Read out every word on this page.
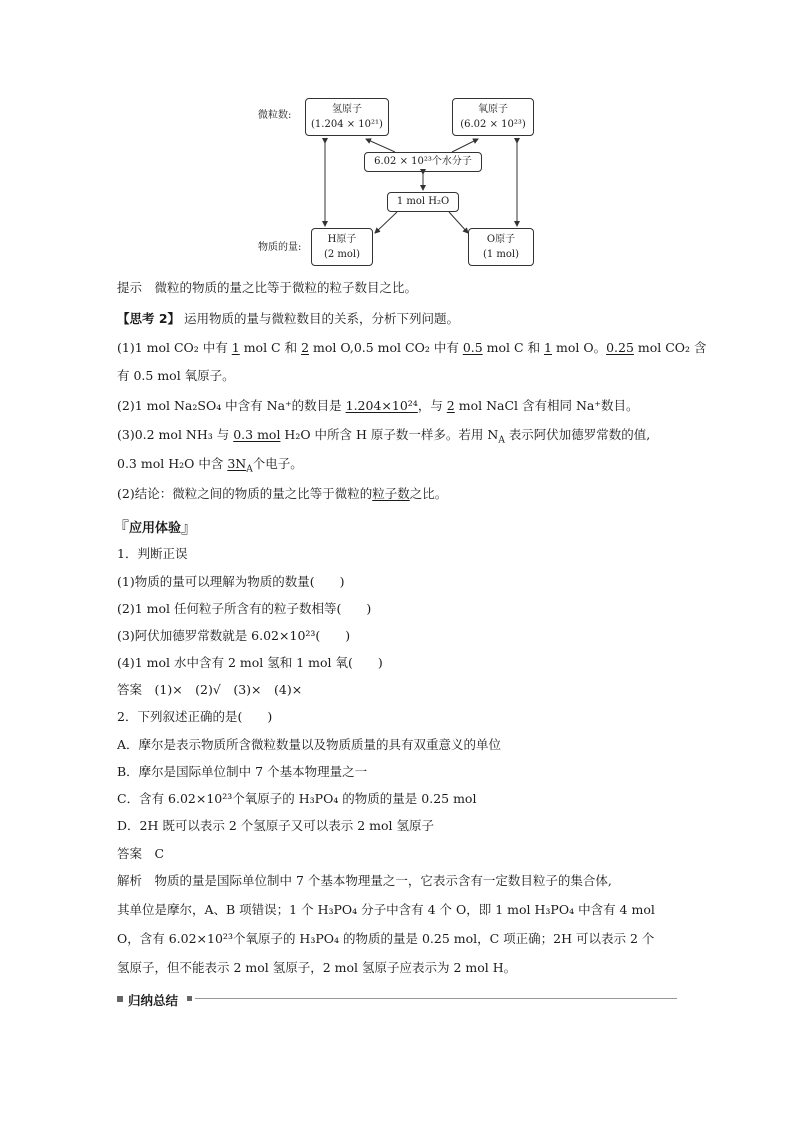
微粒数:
物质的量:
氢原子
(1.204 × 10²¹)
氧原子
(6.02 × 10²³)
6.02 × 10²³个水分子
1 mol H₂O
H原子
(2 mol)
O原子
(1 mol)
提示　微粒的物质的量之比等于微粒的粒子数目之比。
【思考 2】 运用物质的量与微粒数目的关系，分析下列问题。
(1)1 mol CO₂ 中有 1 mol C 和 2 mol O,0.5 mol CO₂ 中有 0.5 mol C 和 1 mol O。0.25 mol CO₂ 含
有 0.5 mol 氧原子。
(2)1 mol Na₂SO₄ 中含有 Na⁺的数目是 1.204×10²⁴，与 2 mol NaCl 含有相同 Na⁺数目。
(3)0.2 mol NH₃ 与 0.3 mol H₂O 中所含 H 原子数一样多。若用 $N_A$ 表示阿伏加德罗常数的值,
0.3 mol H₂O 中含 $3N_A$个电子。
(2)结论：微粒之间的物质的量之比等于微粒的粒子数之比。
『应用体验』
1．判断正误
(1)物质的量可以理解为物质的数量(　　)
(2)1 mol 任何粒子所含有的粒子数相等(　　)
(3)阿伏加德罗常数就是 6.02×10²³(　　)
(4)1 mol 水中含有 2 mol 氢和 1 mol 氧(　　)
答案　(1)×　(2)√　(3)×　(4)×
2．下列叙述正确的是(　　)
A．摩尔是表示物质所含微粒数量以及物质质量的具有双重意义的单位
B．摩尔是国际单位制中 7 个基本物理量之一
C．含有 6.02×10²³个氧原子的 H₃PO₄ 的物质的量是 0.25 mol
D．2H 既可以表示 2 个氢原子又可以表示 2 mol 氢原子
答案　C
解析　物质的量是国际单位制中 7 个基本物理量之一，它表示含有一定数目粒子的集合体,
其单位是摩尔，A、B 项错误；1 个 H₃PO₄ 分子中含有 4 个 O，即 1 mol H₃PO₄ 中含有 4 mol
O，含有 6.02×10²³个氧原子的 H₃PO₄ 的物质的量是 0.25 mol，C 项正确；2H 可以表示 2 个
氢原子，但不能表示 2 mol 氢原子，2 mol 氢原子应表示为 2 mol H。
归纳总结
